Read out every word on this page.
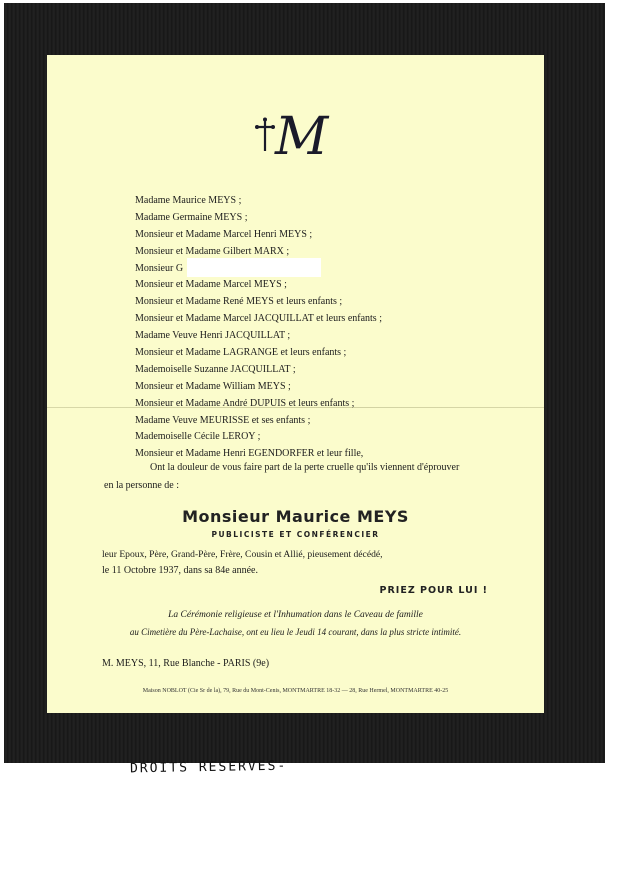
M
Madame Maurice MEYS ;
Madame Germaine MEYS ;
Monsieur et Madame Marcel Henri MEYS ;
Monsieur et Madame Gilbert MARX ;
Monsieur G
Monsieur et Madame Marcel MEYS ;
Monsieur et Madame René MEYS et leurs enfants ;
Monsieur et Madame Marcel JACQUILLAT et leurs enfants ;
Madame Veuve Henri JACQUILLAT ;
Monsieur et Madame LAGRANGE et leurs enfants ;
Mademoiselle Suzanne JACQUILLAT ;
Monsieur et Madame William MEYS ;
Monsieur et Madame André DUPUIS et leurs enfants ;
Madame Veuve MEURISSE et ses enfants ;
Mademoiselle Cécile LEROY ;
Monsieur et Madame Henri EGENDORFER et leur fille,
Ont la douleur de vous faire part de la perte cruelle qu'ils viennent d'éprouver
en la personne de :
Monsieur Maurice MEYS
PUBLICISTE ET CONFÉRENCIER
leur Epoux, Père, Grand-Père, Frère, Cousin et Allié, pieusement décédé,
le 11 Octobre 1937, dans sa 84e année.
PRIEZ POUR LUI !
La Cérémonie religieuse et l'Inhumation dans le Caveau de famille
au Cimetière du Père-Lachaise, ont eu lieu le Jeudi 14 courant, dans la plus stricte intimité.
M. MEYS, 11, Rue Blanche - PARIS (9e)
Maison NOBLOT (Cie Sr de la), 79, Rue du Mont-Cenis, MONTMARTRE 18-32 — 28, Rue Hermel, MONTMARTRE 40-25
DROITS RESERVES-
